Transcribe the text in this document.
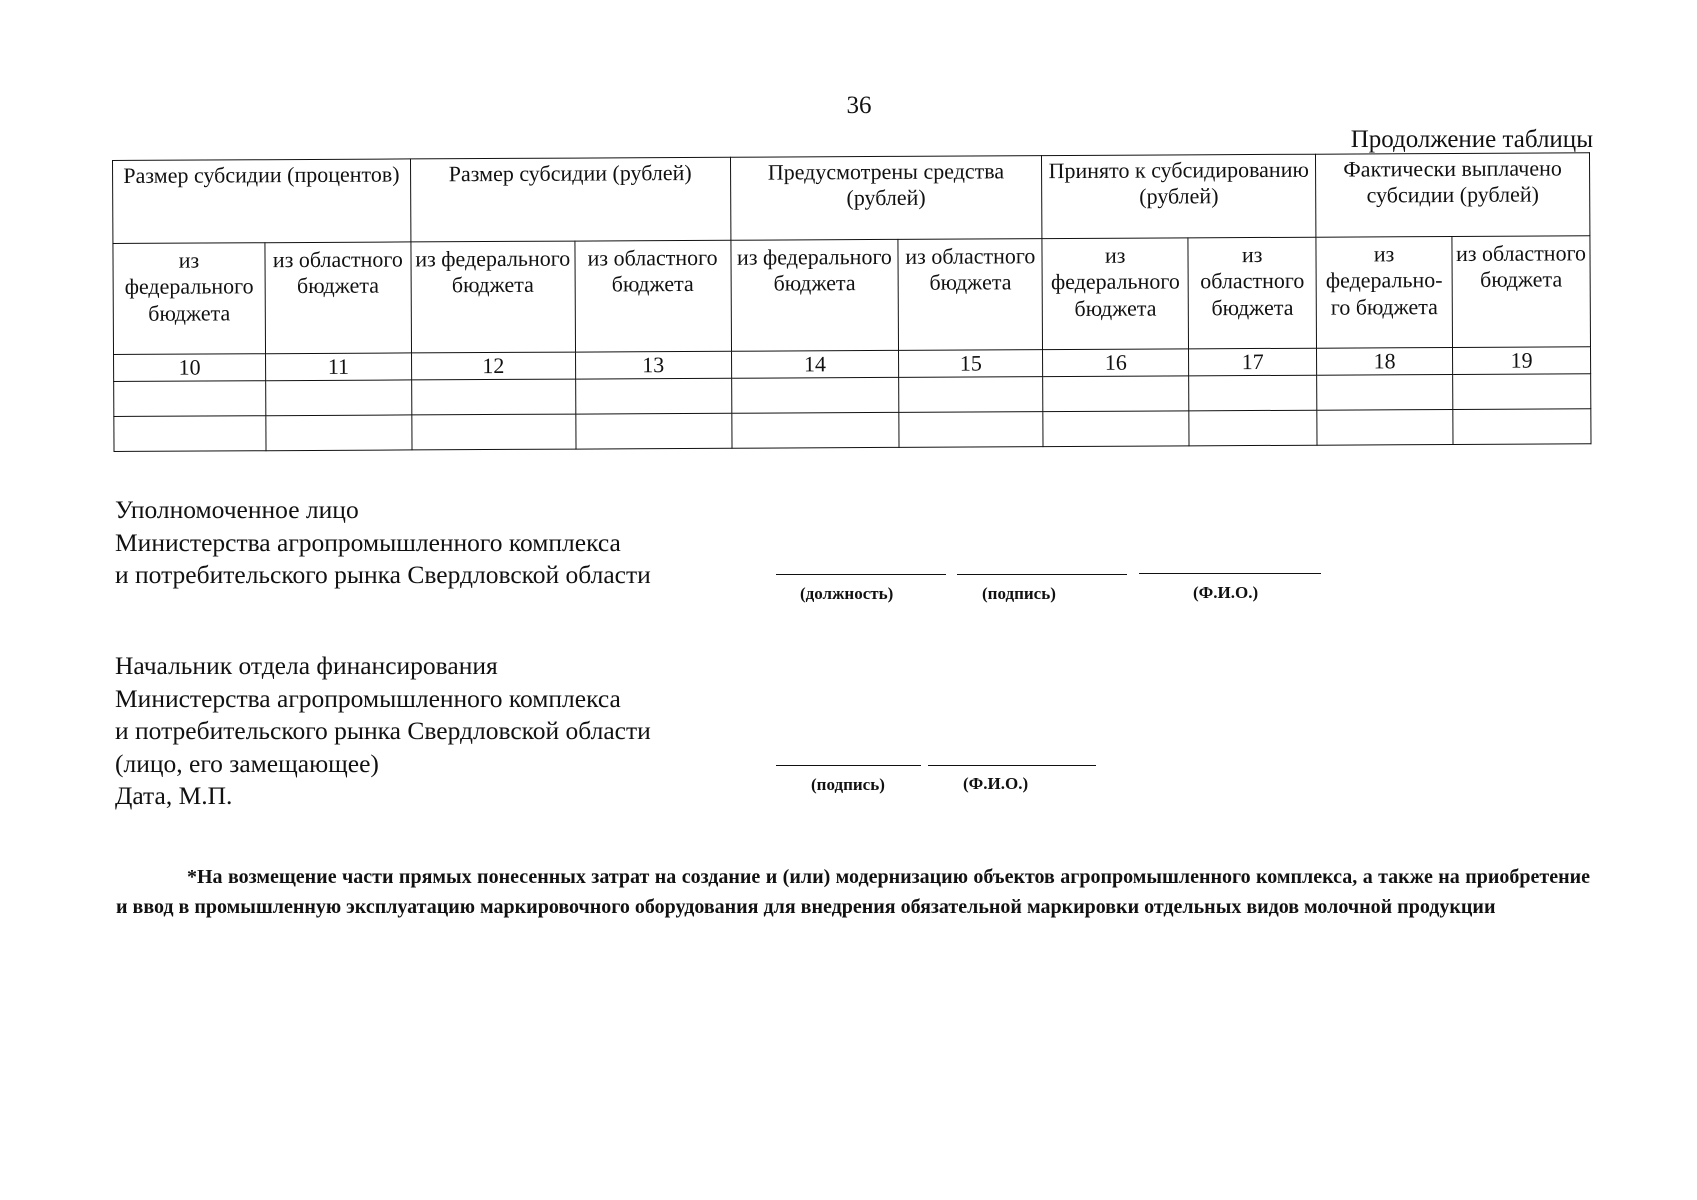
36
Продолжение таблицы
Размер субсидии (процентов)		Размер субсидии (рублей)		Предусмотрены средства (рублей)		Принято к субсидированию (рублей)		Фактически выплачено субсидии (рублей)	
из федерального бюджета	из областного бюджета	из федерального бюджета	из областного бюджета	из федерального бюджета	из областного бюджета	из федерального бюджета	из областного бюджета	из федерально-го бюджета	из областного бюджета
10	11	12	13	14	15	16	17	18	19

Уполномоченное лицо
Министерства агропромышленного комплекса
и потребительского рынка Свердловской области
(должность)	(подпись)	(Ф.И.О.)
Начальник отдела финансирования
Министерства агропромышленного комплекса
и потребительского рынка Свердловской области
(лицо, его замещающее)
Дата, М.П.	(подпись)	(Ф.И.О.)
*На возмещение части прямых понесенных затрат на создание и (или) модернизацию объектов агропромышленного комплекса, а также на приобретение и ввод в промышленную эксплуатацию маркировочного оборудования для внедрения обязательной маркировки отдельных видов молочной продукции
